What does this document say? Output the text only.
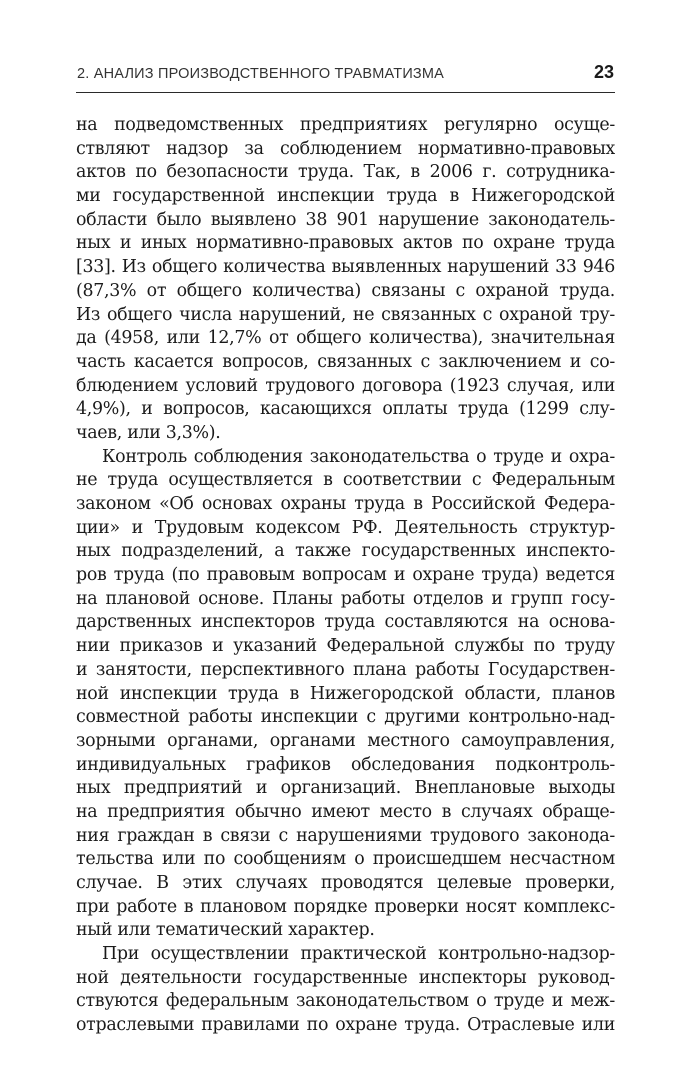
2. АНАЛИЗ ПРОИЗВОДСТВЕННОГО ТРАВМАТИЗМА	23
на подведомственных предприятиях регулярно осуще-
ствляют надзор за соблюдением нормативно-правовых
актов по безопасности труда. Так, в 2006 г. сотрудника-
ми государственной инспекции труда в Нижегородской
области было выявлено 38 901 нарушение законодатель-
ных и иных нормативно-правовых актов по охране труда
[33]. Из общего количества выявленных нарушений 33 946
(87,3% от общего количества) связаны с охраной труда.
Из общего числа нарушений, не связанных с охраной тру-
да (4958, или 12,7% от общего количества), значительная
часть касается вопросов, связанных с заключением и со-
блюдением условий трудового договора (1923 случая, или
4,9%), и вопросов, касающихся оплаты труда (1299 слу-
чаев, или 3,3%).
Контроль соблюдения законодательства о труде и охра-
не труда осуществляется в соответствии с Федеральным
законом «Об основах охраны труда в Российской Федера-
ции» и Трудовым кодексом РФ. Деятельность структур-
ных подразделений, а также государственных инспекто-
ров труда (по правовым вопросам и охране труда) ведется
на плановой основе. Планы работы отделов и групп госу-
дарственных инспекторов труда составляются на основа-
нии приказов и указаний Федеральной службы по труду
и занятости, перспективного плана работы Государствен-
ной инспекции труда в Нижегородской области, планов
совместной работы инспекции с другими контрольно-над-
зорными органами, органами местного самоуправления,
индивидуальных графиков обследования подконтроль-
ных предприятий и организаций. Внеплановые выходы
на предприятия обычно имеют место в случаях обраще-
ния граждан в связи с нарушениями трудового законода-
тельства или по сообщениям о происшедшем несчастном
случае. В этих случаях проводятся целевые проверки,
при работе в плановом порядке проверки носят комплекс-
ный или тематический характер.
При осуществлении практической контрольно-надзор-
ной деятельности государственные инспекторы руковод-
ствуются федеральным законодательством о труде и меж-
отраслевыми правилами по охране труда. Отраслевые или
